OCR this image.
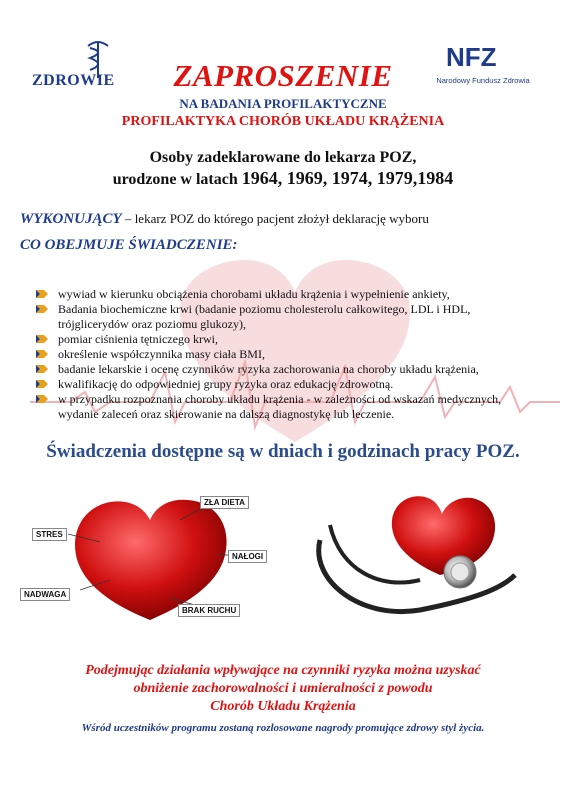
ZDROWIE
NFZ
Narodowy Fundusz Zdrowia
ZAPROSZENIE
NA BADANIA PROFILAKTYCZNE
PROFILAKTYKA CHORÓB UKŁADU KRĄŻENIA
Osoby zadeklarowane do lekarza POZ,
urodzone w latach 1964, 1969, 1974, 1979,1984
WYKONUJĄCY – lekarz POZ do którego pacjent złożył deklarację wyboru
CO OBEJMUJE ŚWIADCZENIE:
wywiad w kierunku obciążenia chorobami układu krążenia i wypełnienie ankiety,
Badania biochemiczne krwi (badanie poziomu cholesterolu całkowitego, LDL i HDL,
trójglicerydów oraz poziomu glukozy),
pomiar ciśnienia tętniczego krwi,
określenie współczynnika masy ciała BMI,
badanie lekarskie i ocenę czynników ryzyka zachorowania na choroby układu krążenia,
kwalifikację do odpowiedniej grupy ryzyka oraz edukację zdrowotną.
w przypadku rozpoznania choroby układu krążenia - w zależności od wskazań medycznych,
wydanie zaleceń oraz skierowanie na dalszą diagnostykę lub leczenie.
Świadczenia dostępne są w dniach i godzinach pracy POZ.
ZŁA DIETA
STRES
NAŁOGI
NADWAGA
BRAK RUCHU
Podejmując działania wpływające na czynniki ryzyka można uzyskać
obniżenie zachorowalności i umieralności z powodu
Chorób Układu Krążenia
Wśród uczestników programu zostaną rozlosowane nagrody promujące zdrowy styl życia.
